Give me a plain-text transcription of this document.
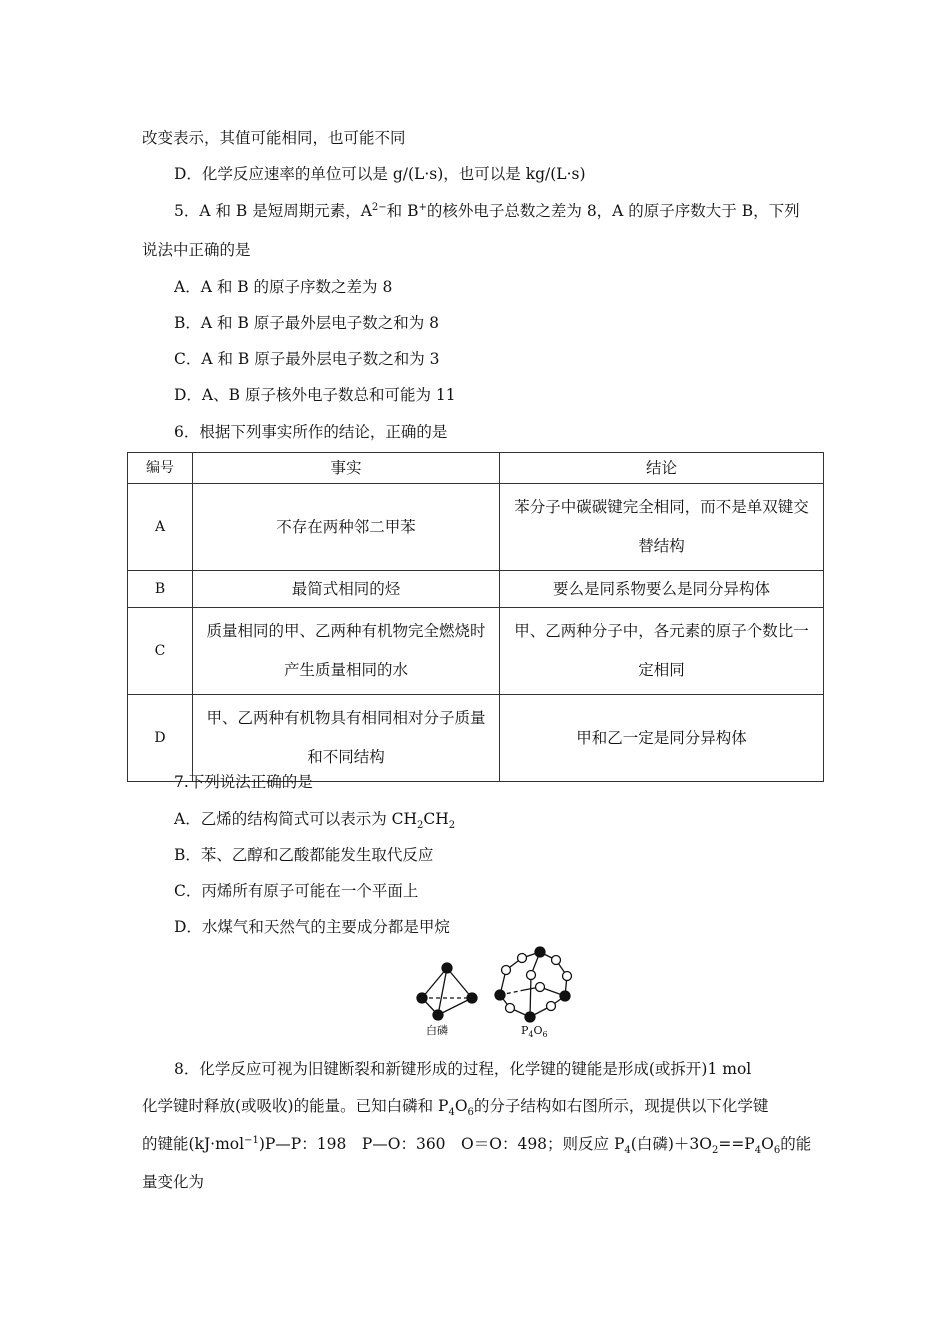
改变表示，其值可能相同，也可能不同
D．化学反应速率的单位可以是 g/(L·s)，也可以是 kg/(L·s)
5．A 和 B 是短周期元素，$A^{2-}$和 B+的核外电子总数之差为 8，A 的原子序数大于 B，下列
说法中正确的是
A．A 和 B 的原子序数之差为 8
B．A 和 B 原子最外层电子数之和为 8
C．A 和 B 原子最外层电子数之和为 3
D．A、B 原子核外电子数总和可能为 11
6．根据下列事实所作的结论，正确的是
编号	事实	结论
A	不存在两种邻二甲苯	苯分子中碳碳键完全相同，而不是单双键交替结构
B	最简式相同的烃	要么是同系物要么是同分异构体
C	质量相同的甲、乙两种有机物完全燃烧时产生质量相同的水	甲、乙两种分子中，各元素的原子个数比一定相同
D	甲、乙两种有机物具有相同相对分子质量和不同结构	甲和乙一定是同分异构体
7.下列说法正确的是
A．乙烯的结构简式可以表示为 $CH_2CH_2$
B．苯、乙醇和乙酸都能发生取代反应
C．丙烯所有原子可能在一个平面上
D．水煤气和天然气的主要成分都是甲烷
白磷	$P_4O_6$
8．化学反应可视为旧键断裂和新键形成的过程，化学键的键能是形成(或拆开)1 mol
化学键时释放(或吸收)的能量。已知白磷和 $P_4O_6$的分子结构如右图所示，现提供以下化学键
的键能(kJ·mol$^{-1}$)P—P：198　P—O：360　O＝O：498；则反应 $P_4$(白磷)$+3O_2==P_4O_6$的能
量变化为
